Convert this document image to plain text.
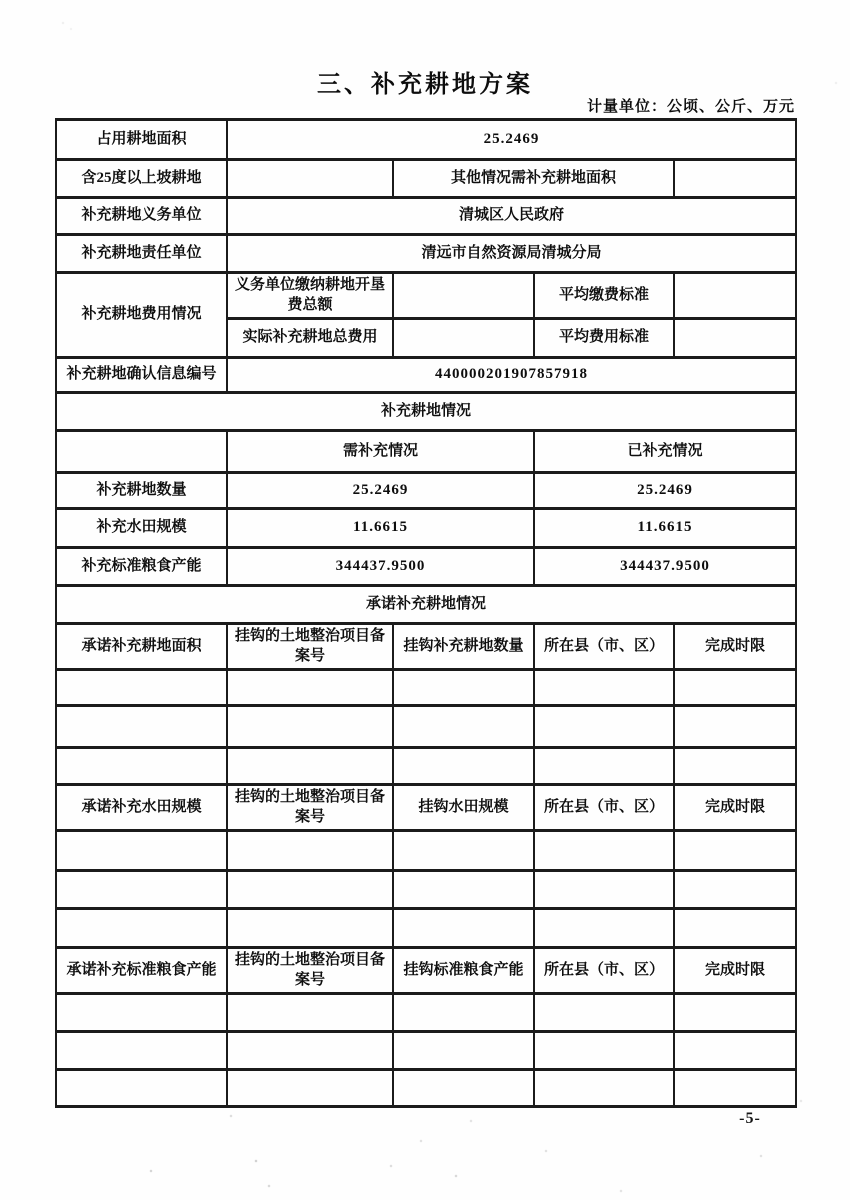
三、补充耕地方案
计量单位：公顷、公斤、万元
占用耕地面积	25.2469			
含25度以上坡耕地		其他情况需补充耕地面积		
补充耕地义务单位	清城区人民政府			
补充耕地责任单位	清远市自然资源局清城分局			
补充耕地费用情况	义务单位缴纳耕地开垦费总额		平均缴费标准	
	实际补充耕地总费用		平均费用标准	
补充耕地确认信息编号	440000201907857918			
补充耕地情况				
	需补充情况		已补充情况	
补充耕地数量	25.2469		25.2469	
补充水田规模	11.6615		11.6615	
补充标准粮食产能	344437.9500		344437.9500	
承诺补充耕地情况				
承诺补充耕地面积	挂钩的土地整治项目备案号	挂钩补充耕地数量	所在县（市、区）	完成时限

承诺补充水田规模	挂钩的土地整治项目备案号	挂钩水田规模	所在县（市、区）	完成时限

承诺补充标准粮食产能	挂钩的土地整治项目备案号	挂钩标准粮食产能	所在县（市、区）	完成时限

-5-
